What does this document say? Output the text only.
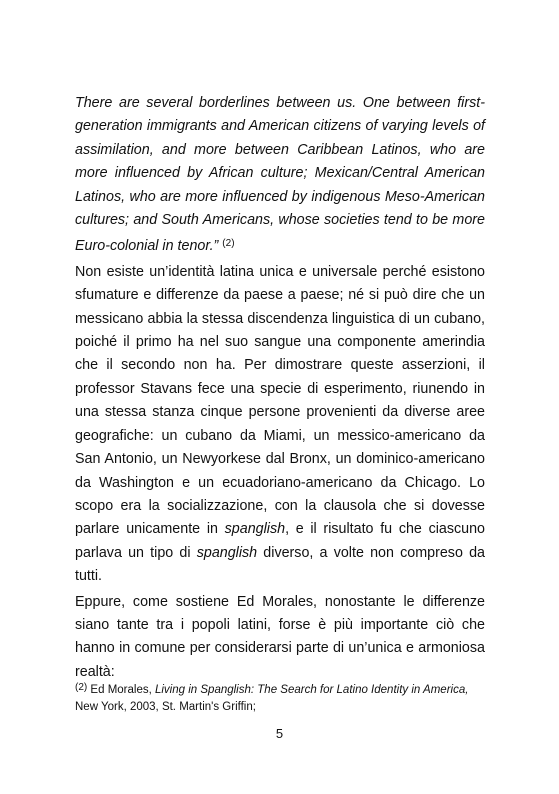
There are several borderlines between us. One between first-generation immigrants and American citizens of varying levels of assimilation, and more between Caribbean Latinos, who are more influenced by African culture; Mexican/Central American Latinos, who are more influenced by indigenous Meso-American cultures; and South Americans, whose societies tend to be more Euro-colonial in tenor.” $^{(2)}$

Non esiste un’identità latina unica e universale perché esistono sfumature e differenze da paese a paese; né si può dire che un messicano abbia la stessa discendenza linguistica di un cubano, poiché il primo ha nel suo sangue una componente amerindia che il secondo non ha. Per dimostrare queste asserzioni, il professor Stavans fece una specie di esperimento, riunendo in una stessa stanza cinque persone provenienti da diverse aree geografiche: un cubano da Miami, un messico-americano da San Antonio, un Newyorkese dal Bronx, un dominico-americano da Washington e un ecuadoriano-americano da Chicago. Lo scopo era la socializzazione, con la clausola che si dovesse parlare unicamente in spanglish, e il risultato fu che ciascuno parlava un tipo di spanglish diverso, a volte non compreso da tutti.

Eppure, come sostiene Ed Morales, nonostante le differenze siano tante tra i popoli latini, forse è più importante ciò che hanno in comune per considerarsi parte di un’unica e armoniosa realtà:

(2) Ed Morales, Living in Spanglish: The Search for Latino Identity in America, New York, 2003, St. Martin's Griffin;
5
